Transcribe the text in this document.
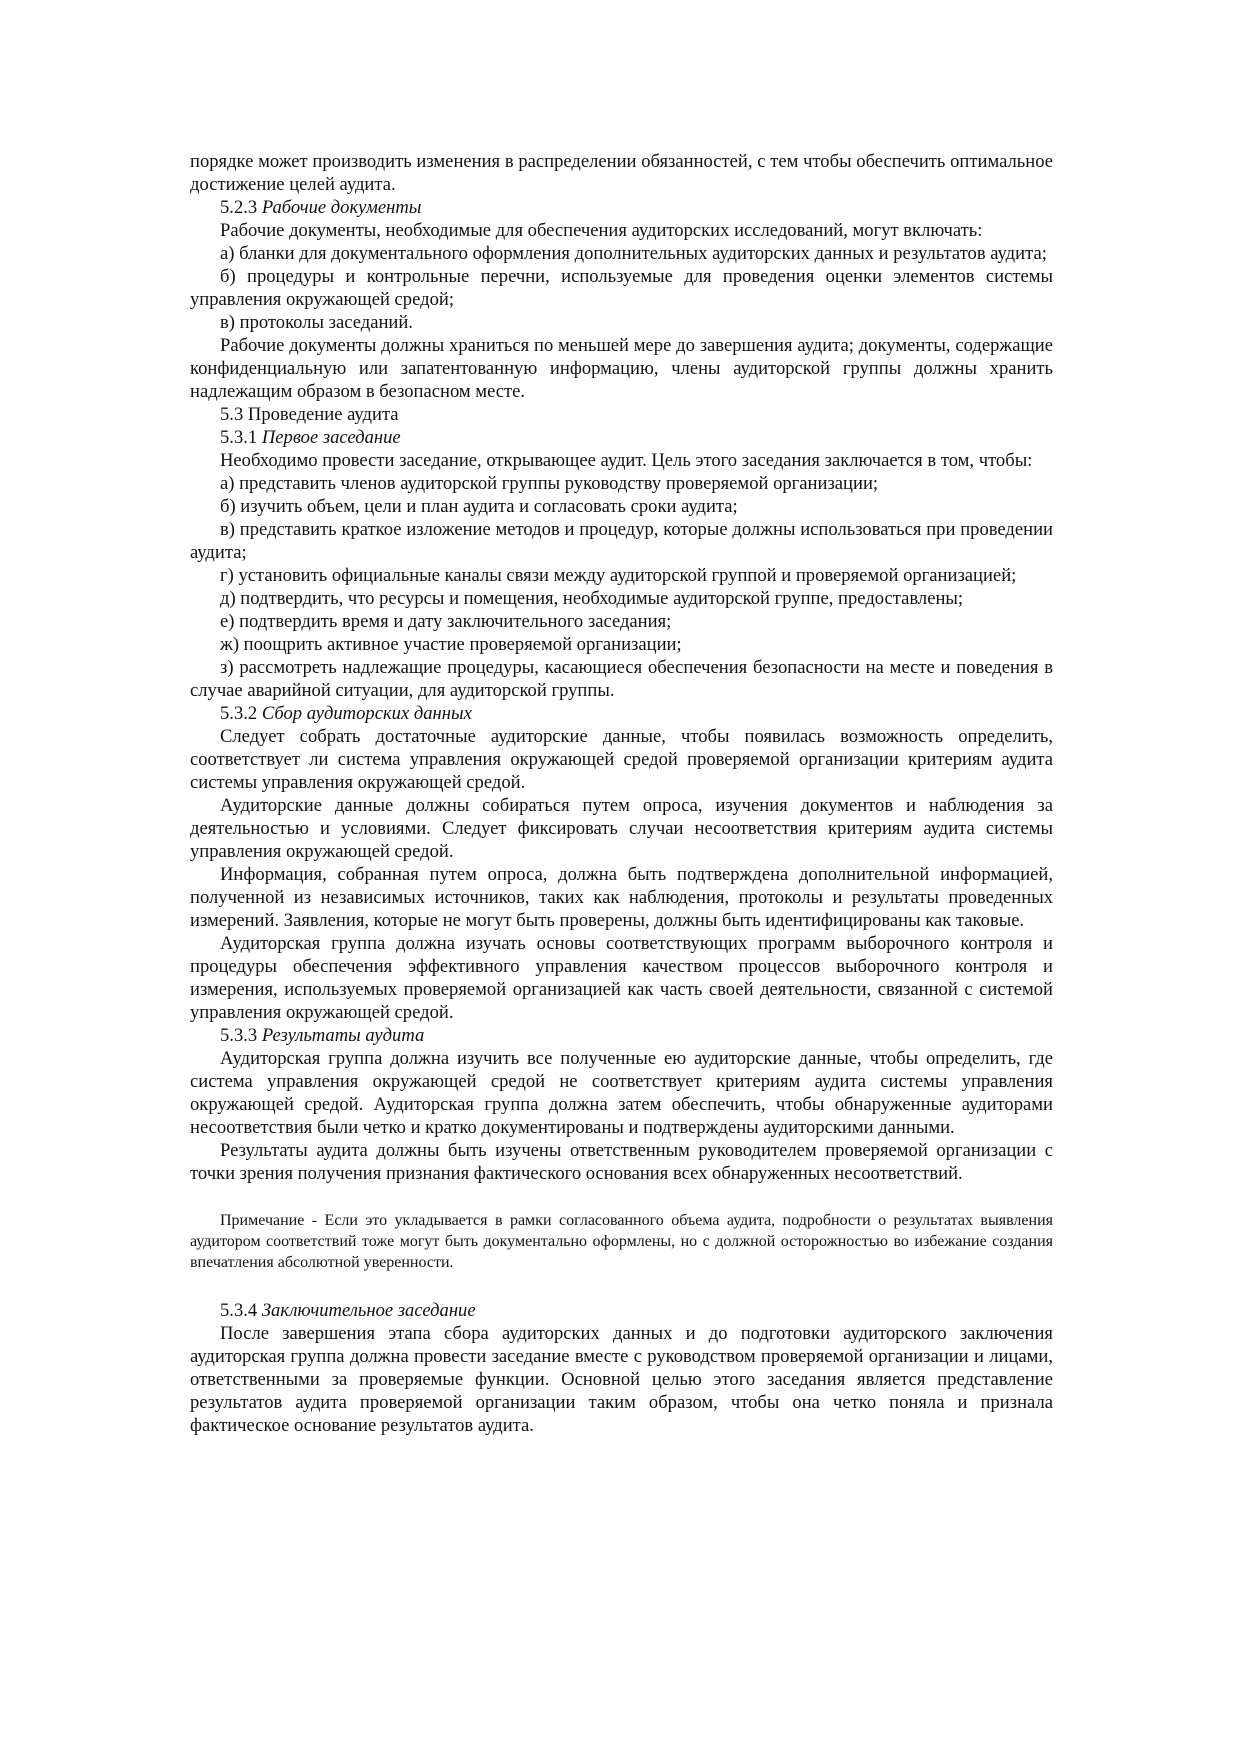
порядке может производить изменения в распределении обязанностей, с тем чтобы обеспечить оптимальное достижение целей аудита.

5.2.3 Рабочие документы

Рабочие документы, необходимые для обеспечения аудиторских исследований, могут включать:

а) бланки для документального оформления дополнительных аудиторских данных и результатов аудита;

б) процедуры и контрольные перечни, используемые для проведения оценки элементов системы управления окружающей средой;

в) протоколы заседаний.

Рабочие документы должны храниться по меньшей мере до завершения аудита; документы, содержащие конфиденциальную или запатентованную информацию, члены аудиторской группы должны хранить надлежащим образом в безопасном месте.

5.3 Проведение аудита

5.3.1 Первое заседание

Необходимо провести заседание, открывающее аудит. Цель этого заседания заключается в том, чтобы:

а) представить членов аудиторской группы руководству проверяемой организации;

б) изучить объем, цели и план аудита и согласовать сроки аудита;

в) представить краткое изложение методов и процедур, которые должны использоваться при проведении аудита;

г) установить официальные каналы связи между аудиторской группой и проверяемой организацией;

д) подтвердить, что ресурсы и помещения, необходимые аудиторской группе, предоставлены;

е) подтвердить время и дату заключительного заседания;

ж) поощрить активное участие проверяемой организации;

з) рассмотреть надлежащие процедуры, касающиеся обеспечения безопасности на месте и поведения в случае аварийной ситуации, для аудиторской группы.

5.3.2 Сбор аудиторских данных

Следует собрать достаточные аудиторские данные, чтобы появилась возможность определить, соответствует ли система управления окружающей средой проверяемой организации критериям аудита системы управления окружающей средой.

Аудиторские данные должны собираться путем опроса, изучения документов и наблюдения за деятельностью и условиями. Следует фиксировать случаи несоответствия критериям аудита системы управления окружающей средой.

Информация, собранная путем опроса, должна быть подтверждена дополнительной информацией, полученной из независимых источников, таких как наблюдения, протоколы и результаты проведенных измерений. Заявления, которые не могут быть проверены, должны быть идентифицированы как таковые.

Аудиторская группа должна изучать основы соответствующих программ выборочного контроля и процедуры обеспечения эффективного управления качеством процессов выборочного контроля и измерения, используемых проверяемой организацией как часть своей деятельности, связанной с системой управления окружающей средой.

5.3.3 Результаты аудита

Аудиторская группа должна изучить все полученные ею аудиторские данные, чтобы определить, где система управления окружающей средой не соответствует критериям аудита системы управления окружающей средой. Аудиторская группа должна затем обеспечить, чтобы обнаруженные аудиторами несоответствия были четко и кратко документированы и подтверждены аудиторскими данными.

Результаты аудита должны быть изучены ответственным руководителем проверяемой организации с точки зрения получения признания фактического основания всех обнаруженных несоответствий.

Примечание - Если это укладывается в рамки согласованного объема аудита, подробности о результатах выявления аудитором соответствий тоже могут быть документально оформлены, но с должной осторожностью во избежание создания впечатления абсолютной уверенности.

5.3.4 Заключительное заседание

После завершения этапа сбора аудиторских данных и до подготовки аудиторского заключения аудиторская группа должна провести заседание вместе с руководством проверяемой организации и лицами, ответственными за проверяемые функции. Основной целью этого заседания является представление результатов аудита проверяемой организации таким образом, чтобы она четко поняла и признала фактическое основание результатов аудита.
